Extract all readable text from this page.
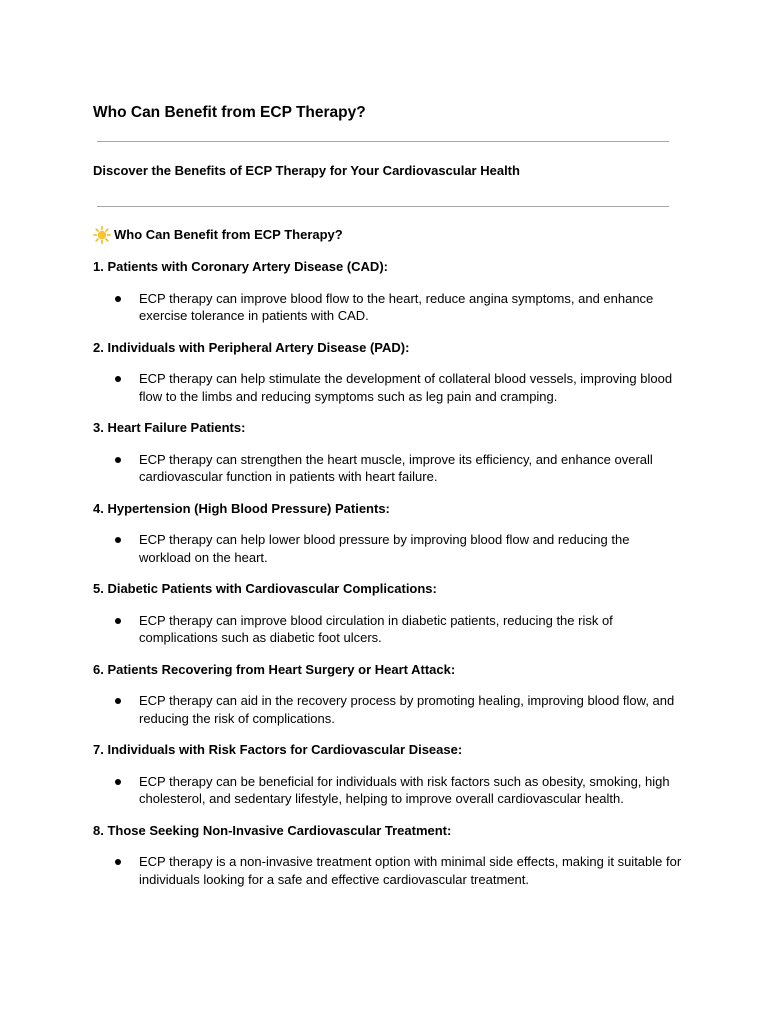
Who Can Benefit from ECP Therapy?
Discover the Benefits of ECP Therapy for Your Cardiovascular Health

Who Can Benefit from ECP Therapy?

1. Patients with Coronary Artery Disease (CAD):

ECP therapy can improve blood flow to the heart, reduce angina symptoms, and enhance exercise tolerance in patients with CAD.

2. Individuals with Peripheral Artery Disease (PAD):

ECP therapy can help stimulate the development of collateral blood vessels, improving blood flow to the limbs and reducing symptoms such as leg pain and cramping.

3. Heart Failure Patients:

ECP therapy can strengthen the heart muscle, improve its efficiency, and enhance overall cardiovascular function in patients with heart failure.

4. Hypertension (High Blood Pressure) Patients:

ECP therapy can help lower blood pressure by improving blood flow and reducing the workload on the heart.

5. Diabetic Patients with Cardiovascular Complications:

ECP therapy can improve blood circulation in diabetic patients, reducing the risk of complications such as diabetic foot ulcers.

6. Patients Recovering from Heart Surgery or Heart Attack:

ECP therapy can aid in the recovery process by promoting healing, improving blood flow, and reducing the risk of complications.

7. Individuals with Risk Factors for Cardiovascular Disease:

ECP therapy can be beneficial for individuals with risk factors such as obesity, smoking, high cholesterol, and sedentary lifestyle, helping to improve overall cardiovascular health.

8. Those Seeking Non-Invasive Cardiovascular Treatment:

ECP therapy is a non-invasive treatment option with minimal side effects, making it suitable for individuals looking for a safe and effective cardiovascular treatment.
